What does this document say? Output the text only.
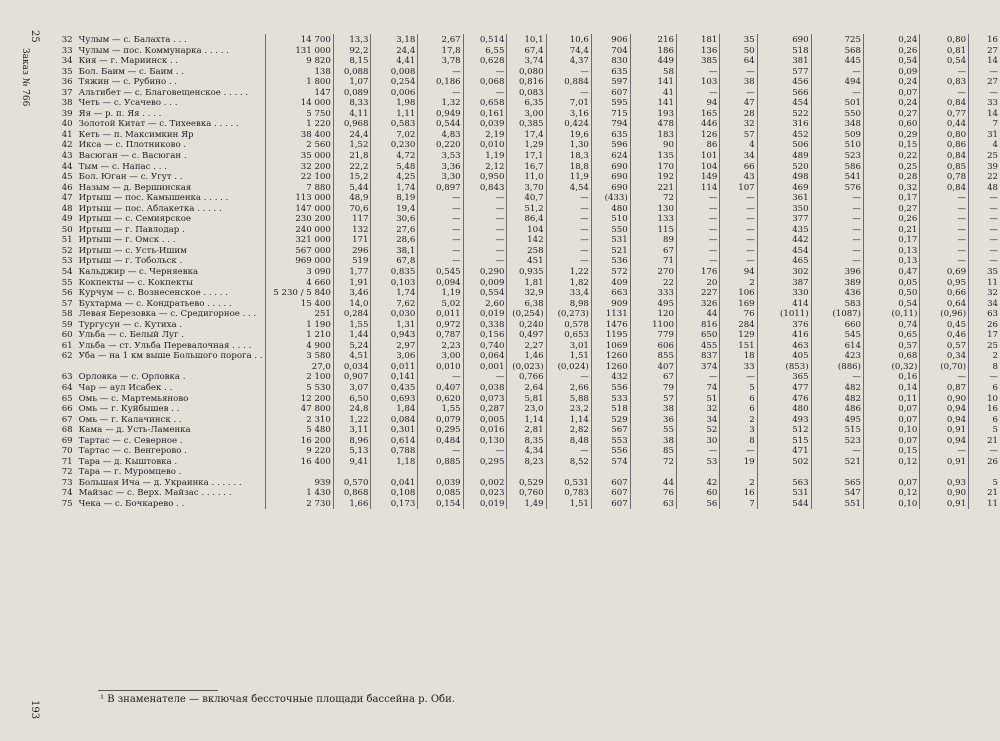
25
Заказ № 766
193
32	Чулым — с. Балахта . . .	14 700	13,3	3,18	2,67	0,514	10,1	10,6	906	216	181	35	690	725	0,24	0,80	16
33	Чулым — пос. Коммунарка . . . . .	131 000	92,2	24,4	17,8	6,55	67,4	74,4	704	186	136	50	518	568	0,26	0,81	27
34	Кия — г. Мариинск . .	9 820	8,15	4,41	3,78	0,628	3,74	4,37	830	449	385	64	381	445	0,54	0,54	14
35	Бол. Баим — с. Баим . .	138	0,088	0,008	—	—	0,080	—	635	58	—	—	577	—	0,09	—	—
36	Тяжин — с. Рубино . .	1 800	1,07	0,254	0,186	0,068	0,816	0,884	597	141	103	38	456	494	0,24	0,83	27
37	Альтибет — с. Благовещенское . . . . .	147	0,089	0,006	—	—	0,083	—	607	41	—	—	566	—	0,07	—	—
38	Четь — с. Усачево . . .	14 000	8,33	1,98	1,32	0,658	6,35	7,01	595	141	94	47	454	501	0,24	0,84	33
39	Яя — р. п. Яя . . . .	5 750	4,11	1,11	0,949	0,161	3,00	3,16	715	193	165	28	522	550	0,27	0,77	14
40	Золотой Китат — с. Тихеевка . . . . .	1 220	0,968	0,583	0,544	0,039	0,385	0,424	794	478	446	32	316	348	0,60	0,44	7
41	Кеть — п. Максимкин Яр	38 400	24,4	7,02	4,83	2,19	17,4	19,6	635	183	126	57	452	509	0,29	0,80	31
42	Икса — с. Плотниково .	2 560	1,52	0,230	0,220	0,010	1,29	1,30	596	90	86	4	506	510	0,15	0,86	4
43	Васюган — с. Васюган .	35 000	21,8	4,72	3,53	1,19	17,1	18,3	624	135	101	34	489	523	0,22	0,84	25
44	Тым — с. Напас . . .	32 200	22,2	5,48	3,36	2,12	16,7	18,8	690	170	104	66	520	586	0,25	0,85	39
45	Бол. Юган — с. Угут . .	22 100	15,2	4,25	3,30	0,950	11,0	11,9	690	192	149	43	498	541	0,28	0,78	22
46	Назым — д. Вершинская	7 880	5,44	1,74	0,897	0,843	3,70	4,54	690	221	114	107	469	576	0,32	0,84	48
47	Иртыш — пос. Камышенка . . . . .	113 000	48,9	8,19	—	—	40,7	—	(433)	72	—	—	361	—	0,17	—	—
48	Иртыш — пос. Аблакетка . . . . .	147 000	70,6	19,4	—	—	51,2	—	480	130	—	—	350	—	0,27	—	—
49	Иртыш — с. Семиярское	230 200	117	30,6	—	—	86,4	—	510	133	—	—	377	—	0,26	—	—
50	Иртыш — г. Павлодар .	240 000	132	27,6	—	—	104	—	550	115	—	—	435	—	0,21	—	—
51	Иртыш — г. Омск . . .	321 000	171	28,6	—	—	142	—	531	89	—	—	442	—	0,17	—	—
52	Иртыш — с. Усть-Ишим	567 000	296	38,1	—	—	258	—	521	67	—	—	454	—	0,13	—	—
53	Иртыш — г. Тобольск .	969 000	519	67,8	—	—	451	—	536	71	—	—	465	—	0,13	—	—
54	Кальджир — с. Черняевка	3 090	1,77	0,835	0,545	0,290	0,935	1,22	572	270	176	94	302	396	0,47	0,69	35
55	Кокпекты — с. Кокпекты	4 660	1,91	0,103	0,094	0,009	1,81	1,82	409	22	20	2	387	389	0,05	0,95	11
56	Курчум — с. Вознесенское . . . . .	5 230 / 5 840	3,46	1,74	1,19	0,554	32,9	33,4	663	333	227	106	330	436	0,50	0,66	32
57	Бухтарма — с. Кондратьево . . . . .	15 400	14,0	7,62	5,02	2,60	6,38	8,98	909	495	326	169	414	583	0,54	0,64	34
58	Левая Березовка — с. Средигорное . . .	251	0,284	0,030	0,011	0,019	(0,254)	(0,273)	1131	120	44	76	(1011)	(1087)	(0,11)	(0,96)	63
59	Тургусун — с. Кутиха .	1 190	1,55	1,31	0,972	0,338	0,240	0,578	1476	1100	816	284	376	660	0,74	0,45	26
60	Ульба — с. Белый Луг .	1 210	1,44	0,943	0,787	0,156	0,497	0,653	1195	779	650	129	416	545	0,65	0,46	17
61	Ульба — ст. Ульба Перевалочная . . . .	4 900	5,24	2,97	2,23	0,740	2,27	3,01	1069	606	455	151	463	614	0,57	0,57	25
62	Уба — на 1 км выше Большого порога . .	3 580	4,51	3,06	3,00	0,064	1,46	1,51	1260	855	837	18	405	423	0,68	0,34	2
		27,0	0,034	0,011	0,010	0,001	(0,023)	(0,024)	1260	407	374	33	(853)	(886)	(0,32)	(0,70)	8
63	Орловка — с. Орловка .	2 100	0,907	0,141	—	—	0,766	—	432	67	—	—	365	—	0,16	—	—
64	Чар — аул Исабек . .	5 530	3,07	0,435	0,407	0,038	2,64	2,66	556	79	74	5	477	482	0,14	0,87	6
65	Омь — с. Мартемьяново	12 200	6,50	0,693	0,620	0,073	5,81	5,88	533	57	51	6	476	482	0,11	0,90	10
66	Омь — г. Куйбышев . .	47 800	24,8	1,84	1,55	0,287	23,0	23,2	518	38	32	6	480	486	0,07	0,94	16
67	Омь — г. Калачинск . .	2 310	1,22	0,084	0,079	0,005	1,14	1,14	529	36	34	2	493	495	0,07	0,94	6
68	Кама — д. Усть-Ламенка	5 480	3,11	0,301	0,295	0,016	2,81	2,82	567	55	52	3	512	515	0,10	0,91	5
69	Тартас — с. Северное .	16 200	8,96	0,614	0,484	0,130	8,35	8,48	553	38	30	8	515	523	0,07	0,94	21
70	Тартас — с. Венгерово .	9 220	5,13	0,788	—	—	4,34	—	556	85	—	—	471	—	0,15	—	—
71	Тара — д. Кыштовка .	16 400	9,41	1,18	0,885	0,295	8,23	8,52	574	72	53	19	502	521	0,12	0,91	26
72	Тара — г. Муромцево .																
73	Большая Ича — д. Украинка . . . . . .	939	0,570	0,041	0,039	0,002	0,529	0,531	607	44	42	2	563	565	0,07	0,93	5
74	Майзас — с. Верх. Майзас . . . . . .	1 430	0,868	0,108	0,085	0,023	0,760	0,783	607	76	60	16	531	547	0,12	0,90	21
75	Чека — с. Бочкарево . .	2 730	1,66	0,173	0,154	0,019	1,49	1,51	607	63	56	7	544	551	0,10	0,91	11
¹ В знаменателе — включая бессточные площади бассейна р. Оби.
